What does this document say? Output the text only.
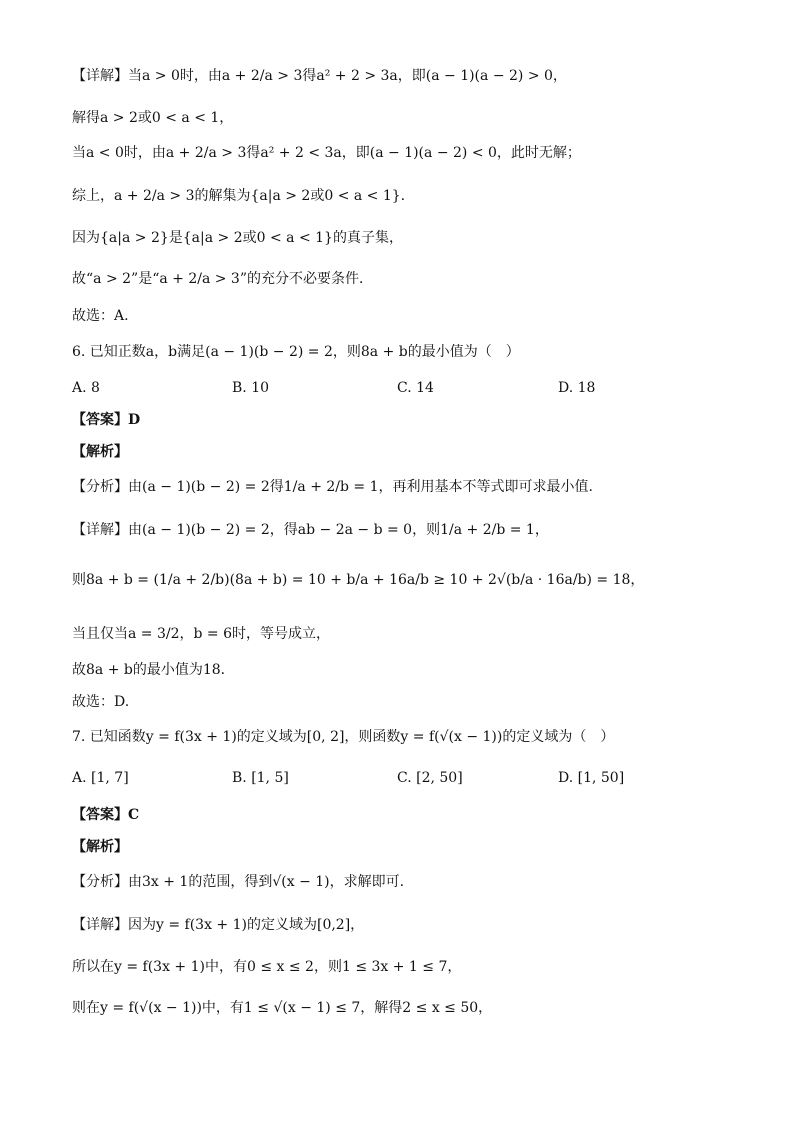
【详解】当a > 0时，由a + 2/a > 3得a² + 2 > 3a，即(a − 1)(a − 2) > 0，
解得a > 2或0 < a < 1，
当a < 0时，由a + 2/a > 3得a² + 2 < 3a，即(a − 1)(a − 2) < 0，此时无解；
综上，a + 2/a > 3的解集为{a|a > 2或0 < a < 1}.
因为{a|a > 2}是{a|a > 2或0 < a < 1}的真子集，
故“a > 2”是“a + 2/a > 3”的充分不必要条件．
故选：A.
6. 已知正数a，b满足(a − 1)(b − 2) = 2，则8a + b的最小值为（　）
A. 8	B. 10	C. 14	D. 18
【答案】D
【解析】
【分析】由(a − 1)(b − 2) = 2得1/a + 2/b = 1，再利用基本不等式即可求最小值.
【详解】由(a − 1)(b − 2) = 2，得ab − 2a − b = 0，则1/a + 2/b = 1，
则8a + b = (1/a + 2/b)(8a + b) = 10 + b/a + 16a/b ≥ 10 + 2√(b/a · 16a/b) = 18，
当且仅当a = 3/2，b = 6时，等号成立，
故8a + b的最小值为18．
故选：D.
7. 已知函数y = f(3x + 1)的定义域为[0, 2]，则函数y = f(√(x − 1))的定义域为（　）
A. [1, 7]	B. [1, 5]	C. [2, 50]	D. [1, 50]
【答案】C
【解析】
【分析】由3x + 1的范围，得到√(x − 1)，求解即可.
【详解】因为y = f(3x + 1)的定义域为[0,2]，
所以在y = f(3x + 1)中，有0 ≤ x ≤ 2，则1 ≤ 3x + 1 ≤ 7，
则在y = f(√(x − 1))中，有1 ≤ √(x − 1) ≤ 7，解得2 ≤ x ≤ 50，
